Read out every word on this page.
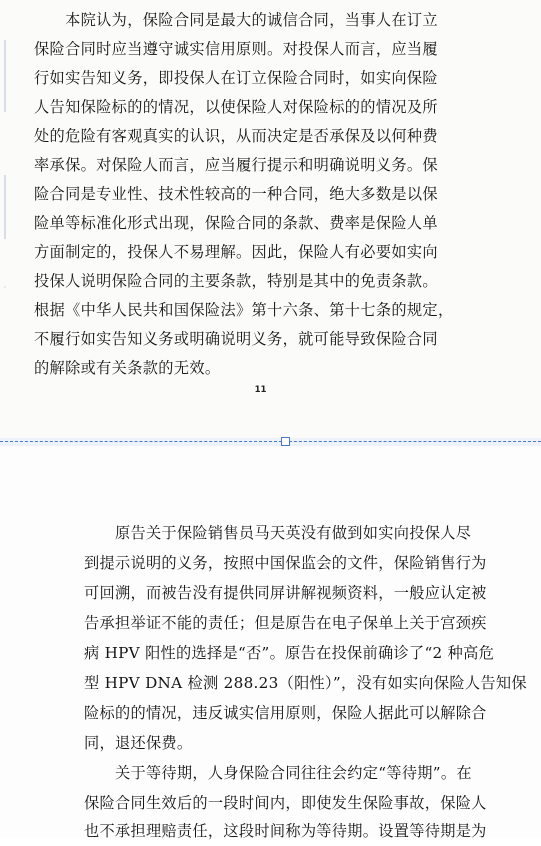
　　本院认为，保险合同是最大的诚信合同，当事人在订立
保险合同时应当遵守诚实信用原则。对投保人而言，应当履
行如实告知义务，即投保人在订立保险合同时，如实向保险
人告知保险标的的情况，以使保险人对保险标的的情况及所
处的危险有客观真实的认识，从而决定是否承保及以何种费
率承保。对保险人而言，应当履行提示和明确说明义务。保
险合同是专业性、技术性较高的一种合同，绝大多数是以保
险单等标准化形式出现，保险合同的条款、费率是保险人单
方面制定的，投保人不易理解。因此，保险人有必要如实向
投保人说明保险合同的主要条款，特别是其中的免责条款。
根据《中华人民共和国保险法》第十六条、第十七条的规定，
不履行如实告知义务或明确说明义务，就可能导致保险合同
的解除或有关条款的无效。
11
　　原告关于保险销售员马天英没有做到如实向投保人尽
到提示说明的义务，按照中国保监会的文件，保险销售行为
可回溯，而被告没有提供同屏讲解视频资料，一般应认定被
告承担举证不能的责任；但是原告在电子保单上关于宫颈疾
病 HPV 阳性的选择是“否”。原告在投保前确诊了“2 种高危
型 HPV DNA 检测 288.23（阳性）”，没有如实向保险人告知保
险标的的情况，违反诚实信用原则，保险人据此可以解除合
同，退还保费。
　　关于等待期，人身保险合同往往会约定“等待期”。在
保险合同生效后的一段时间内，即使发生保险事故，保险人
也不承担理赔责任，这段时间称为等待期。设置等待期是为
